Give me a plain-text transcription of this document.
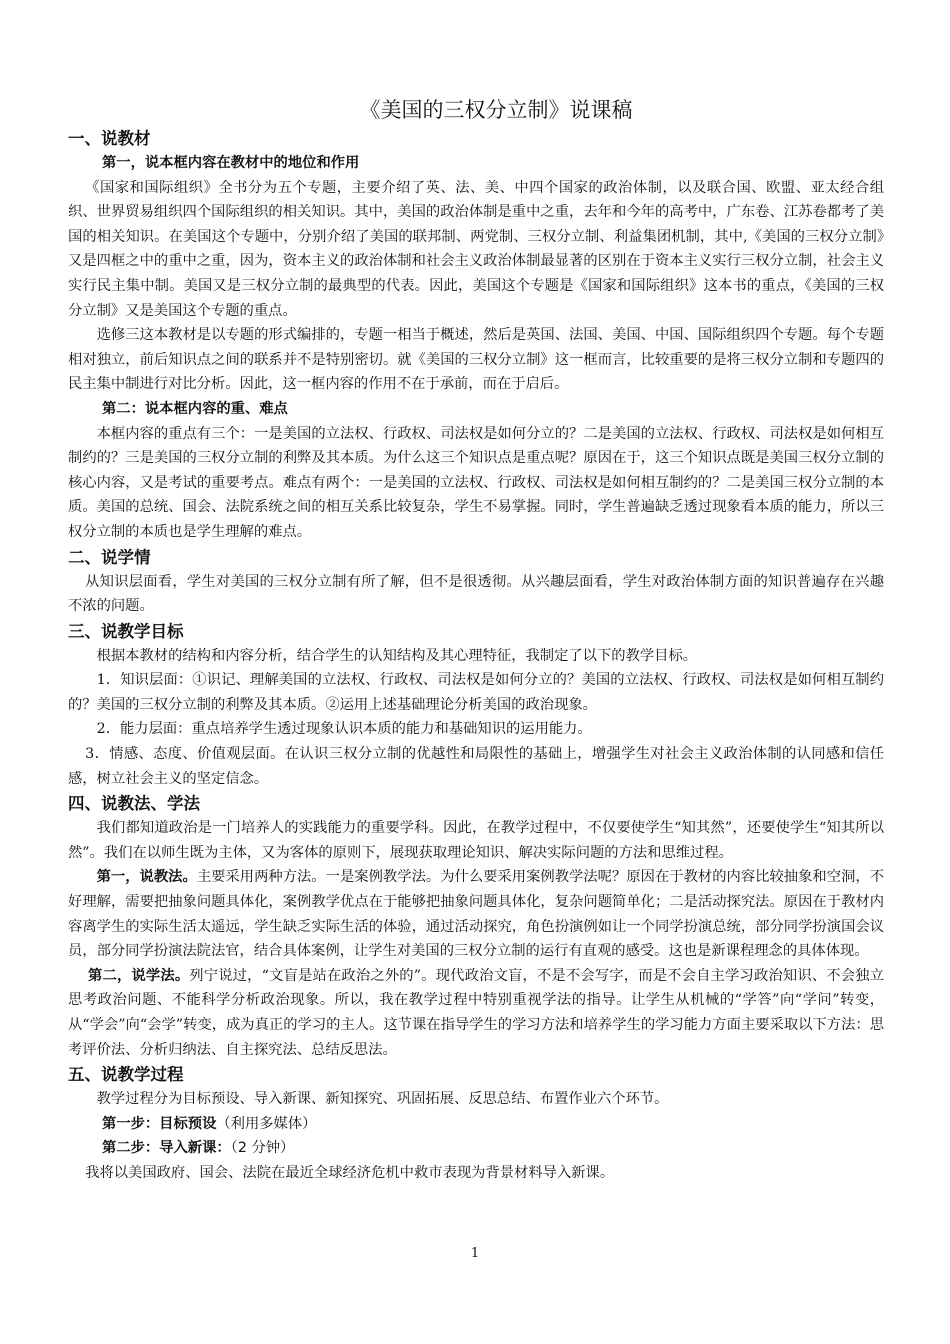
《美国的三权分立制》说课稿
一、说教材
第一，说本框内容在教材中的地位和作用

《国家和国际组织》全书分为五个专题，主要介绍了英、法、美、中四个国家的政治体制，以及联合国、欧盟、亚太经合组织、世界贸易组织四个国际组织的相关知识。其中，美国的政治体制是重中之重，去年和今年的高考中，广东卷、江苏卷都考了美国的相关知识。在美国这个专题中，分别介绍了美国的联邦制、两党制、三权分立制、利益集团机制，其中,《美国的三权分立制》又是四框之中的重中之重，因为，资本主义的政治体制和社会主义政治体制最显著的区别在于资本主义实行三权分立制，社会主义实行民主集中制。美国又是三权分立制的最典型的代表。因此，美国这个专题是《国家和国际组织》这本书的重点，《美国的三权分立制》又是美国这个专题的重点。

选修三这本教材是以专题的形式编排的，专题一相当于概述，然后是英国、法国、美国、中国、国际组织四个专题。每个专题相对独立，前后知识点之间的联系并不是特别密切。就《美国的三权分立制》这一框而言，比较重要的是将三权分立制和专题四的民主集中制进行对比分析。因此，这一框内容的作用不在于承前，而在于启后。

第二：说本框内容的重、难点

本框内容的重点有三个：一是美国的立法权、行政权、司法权是如何分立的？二是美国的立法权、行政权、司法权是如何相互制约的？三是美国的三权分立制的利弊及其本质。为什么这三个知识点是重点呢？原因在于，这三个知识点既是美国三权分立制的核心内容，又是考试的重要考点。难点有两个：一是美国的立法权、行政权、司法权是如何相互制约的？二是美国三权分立制的本质。美国的总统、国会、法院系统之间的相互关系比较复杂，学生不易掌握。同时，学生普遍缺乏透过现象看本质的能力，所以三权分立制的本质也是学生理解的难点。

二、说学情

从知识层面看，学生对美国的三权分立制有所了解，但不是很透彻。从兴趣层面看，学生对政治体制方面的知识普遍存在兴趣不浓的问题。

三、说教学目标

根据本教材的结构和内容分析，结合学生的认知结构及其心理特征，我制定了以下的教学目标。

1．知识层面：①识记、理解美国的立法权、行政权、司法权是如何分立的？美国的立法权、行政权、司法权是如何相互制约的？美国的三权分立制的利弊及其本质。②运用上述基础理论分析美国的政治现象。

2．能力层面：重点培养学生透过现象认识本质的能力和基础知识的运用能力。

3．情感、态度、价值观层面。在认识三权分立制的优越性和局限性的基础上，增强学生对社会主义政治体制的认同感和信任感，树立社会主义的坚定信念。

四、说教法、学法

我们都知道政治是一门培养人的实践能力的重要学科。因此，在教学过程中，不仅要使学生“知其然”，还要使学生“知其所以然”。我们在以师生既为主体，又为客体的原则下，展现获取理论知识、解决实际问题的方法和思维过程。

第一，说教法。主要采用两种方法。一是案例教学法。为什么要采用案例教学法呢？原因在于教材的内容比较抽象和空洞，不好理解，需要把抽象问题具体化，案例教学优点在于能够把抽象问题具体化，复杂问题简单化；二是活动探究法。原因在于教材内容离学生的实际生活太遥远，学生缺乏实际生活的体验，通过活动探究，角色扮演例如让一个同学扮演总统，部分同学扮演国会议员，部分同学扮演法院法官，结合具体案例，让学生对美国的三权分立制的运行有直观的感受。这也是新课程理念的具体体现。

第二，说学法。列宁说过，“文盲是站在政治之外的”。现代政治文盲，不是不会写字，而是不会自主学习政治知识、不会独立思考政治问题、不能科学分析政治现象。所以，我在教学过程中特别重视学法的指导。让学生从机械的“学答”向“学问”转变，从“学会”向“会学”转变，成为真正的学习的主人。这节课在指导学生的学习方法和培养学生的学习能力方面主要采取以下方法：思考评价法、分析归纳法、自主探究法、总结反思法。

五、说教学过程

教学过程分为目标预设、导入新课、新知探究、巩固拓展、反思总结、布置作业六个环节。

第一步：目标预设（利用多媒体）
第二步：导入新课：（2 分钟）

我将以美国政府、国会、法院在最近全球经济危机中救市表现为背景材料导入新课。

1
